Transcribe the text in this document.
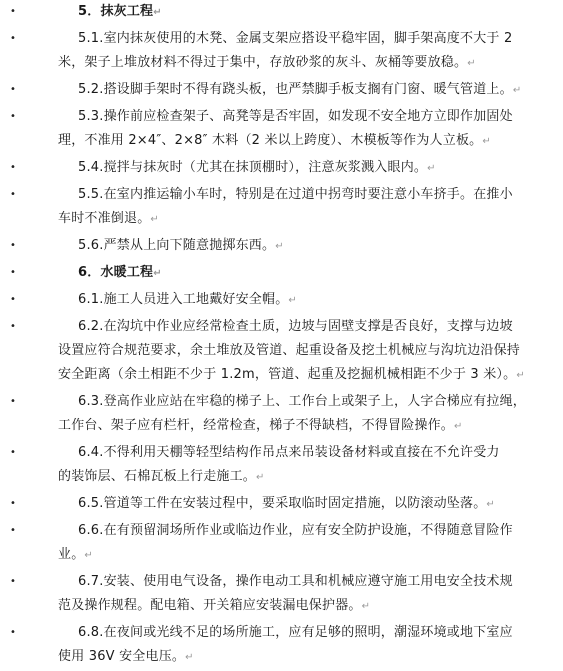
•	5．抹灰工程↵
•	5.1.室内抹灰使用的木凳、金属支架应搭设平稳牢固，脚手架高度不大于 2
米，架子上堆放材料不得过于集中，存放砂浆的灰斗、灰桶等要放稳。↵
•	5.2.搭设脚手架时不得有跷头板，也严禁脚手板支搁有门窗、暖气管道上。↵
•	5.3.操作前应检查架子、高凳等是否牢固，如发现不安全地方立即作加固处
理，不准用 2×4″、2×8″ 木料（2 米以上跨度）、木模板等作为人立板。↵
•	5.4.搅拌与抹灰时（尤其在抹顶棚时），注意灰浆溅入眼内。↵
•	5.5.在室内推运输小车时，特别是在过道中拐弯时要注意小车挤手。在推小
车时不准倒退。↵
•	5.6.严禁从上向下随意抛掷东西。↵
•	6．水暖工程↵
•	6.1.施工人员进入工地戴好安全帽。↵
•	6.2.在沟坑中作业应经常检查土质，边坡与固壁支撑是否良好，支撑与边坡
设置应符合规范要求，余土堆放及管道、起重设备及挖土机械应与沟坑边沿保持
安全距离（余土相距不少于 1.2m，管道、起重及挖掘机械相距不少于 3 米）。↵
•	6.3.登高作业应站在牢稳的梯子上、工作台上或架子上，人字合梯应有拉绳，
工作台、架子应有栏杆，经常检查，梯子不得缺档，不得冒险操作。↵
•	6.4.不得利用天棚等轻型结构作吊点来吊装设备材料或直接在不允许受力
的装饰层、石棉瓦板上行走施工。↵
•	6.5.管道等工件在安装过程中，要采取临时固定措施，以防滚动坠落。↵
•	6.6.在有预留洞场所作业或临边作业，应有安全防护设施，不得随意冒险作
业。↵
•	6.7.安装、使用电气设备，操作电动工具和机械应遵守施工用电安全技术规
范及操作规程。配电箱、开关箱应安装漏电保护器。↵
•	6.8.在夜间或光线不足的场所施工，应有足够的照明，潮湿环境或地下室应
使用 36V 安全电压。↵
